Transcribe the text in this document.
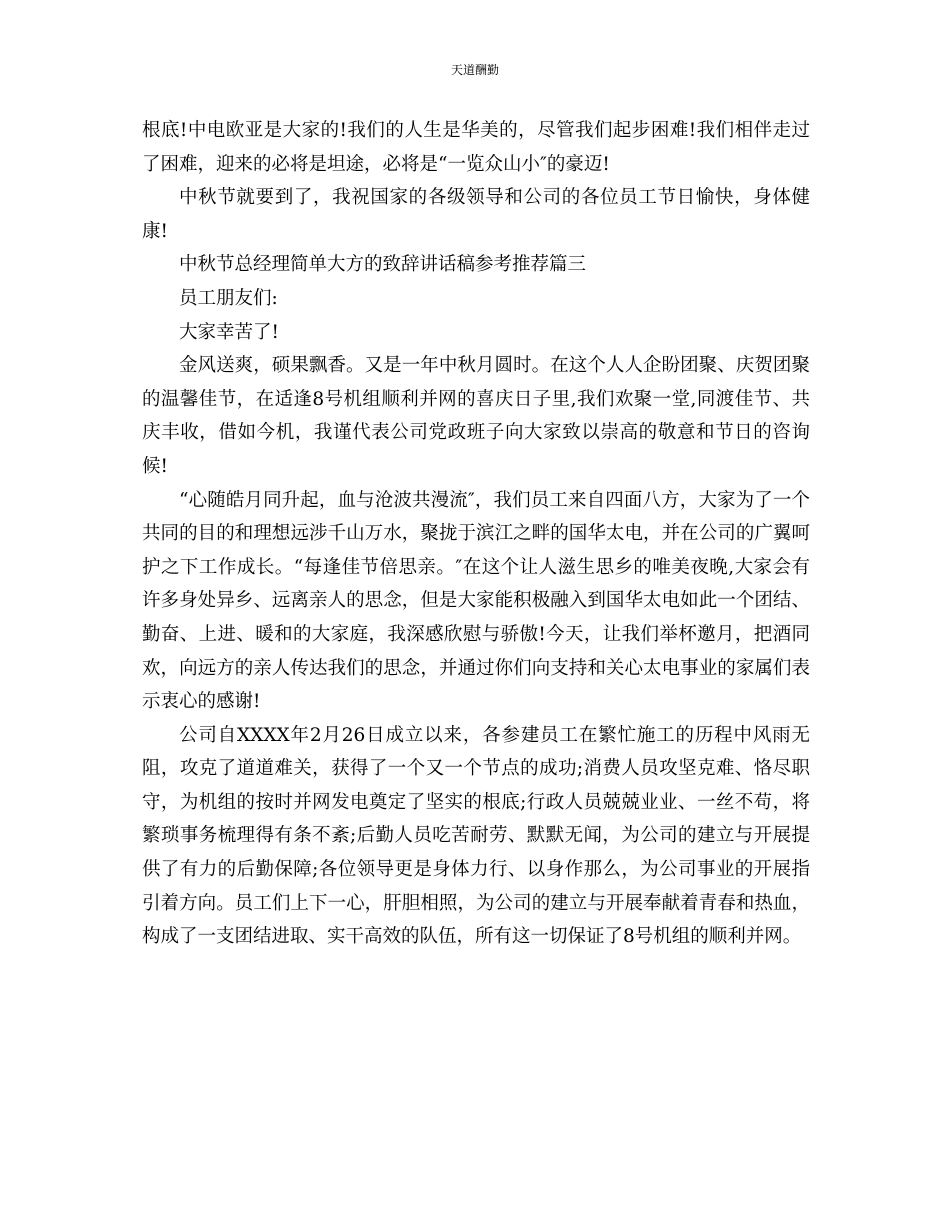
天道酬勤

根底!中电欧亚是大家的!我们的人生是华美的，尽管我们起步困难!我们相伴走过了困难，迎来的必将是坦途，必将是“一览众山小″的豪迈!

中秋节就要到了，我祝国家的各级领导和公司的各位员工节日愉快，身体健康!

中秋节总经理简单大方的致辞讲话稿参考推荐篇三

员工朋友们:

大家幸苦了!

金风送爽，硕果飘香。又是一年中秋月圆时。在这个人人企盼团聚、庆贺团聚的温馨佳节，在适逢8号机组顺利并网的喜庆日子里,我们欢聚一堂,同渡佳节、共庆丰收，借如今机，我谨代表公司党政班子向大家致以崇高的敬意和节日的咨询候!

“心随皓月同升起，血与沧波共漫流″，我们员工来自四面八方，大家为了一个共同的目的和理想远涉千山万水，聚拢于滨江之畔的国华太电，并在公司的广翼呵护之下工作成长。“每逢佳节倍思亲。″在这个让人滋生思乡的唯美夜晚,大家会有许多身处异乡、远离亲人的思念，但是大家能积极融入到国华太电如此一个团结、勤奋、上进、暖和的大家庭，我深感欣慰与骄傲!今天，让我们举杯邀月，把酒同欢，向远方的亲人传达我们的思念，并通过你们向支持和关心太电事业的家属们表示衷心的感谢!

公司自XXXX年2月26日成立以来，各参建员工在繁忙施工的历程中风雨无阻，攻克了道道难关，获得了一个又一个节点的成功;消费人员攻坚克难、恪尽职守，为机组的按时并网发电奠定了坚实的根底;行政人员兢兢业业、一丝不苟，将繁琐事务梳理得有条不紊;后勤人员吃苦耐劳、默默无闻，为公司的建立与开展提供了有力的后勤保障;各位领导更是身体力行、以身作那么，为公司事业的开展指引着方向。员工们上下一心，肝胆相照，为公司的建立与开展奉献着青春和热血，构成了一支团结进取、实干高效的队伍，所有这一切保证了8号机组的顺利并网。
